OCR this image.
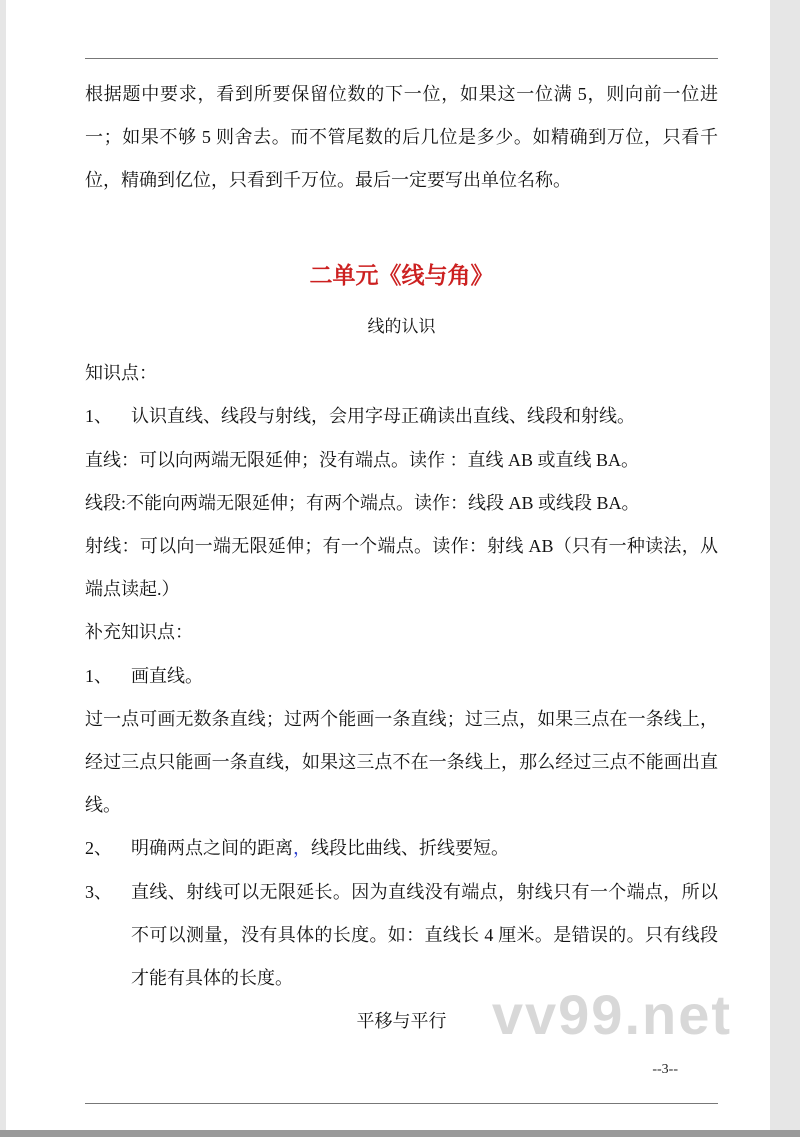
根据题中要求，看到所要保留位数的下一位，如果这一位满 5，则向前一位进一；如果不够 5 则舍去。而不管尾数的后几位是多少。如精确到万位，只看千位，精确到亿位，只看到千万位。最后一定要写出单位名称。

二单元《线与角》
线的认识

知识点：

1、	认识直线、线段与射线，会用字母正确读出直线、线段和射线。

直线：可以向两端无限延伸；没有端点。读作 ：直线 AB 或直线 BA。

线段:不能向两端无限延伸；有两个端点。读作：线段 AB 或线段 BA。

射线：可以向一端无限延伸；有一个端点。读作：射线 AB（只有一种读法，从端点读起.）

补充知识点：

1、	画直线。

过一点可画无数条直线；过两个能画一条直线；过三点，如果三点在一条线上，经过三点只能画一条直线，如果这三点不在一条线上，那么经过三点不能画出直线。

2、	明确两点之间的距离，线段比曲线、折线要短。
3、	直线、射线可以无限延长。因为直线没有端点，射线只有一个端点，所以不可以测量，没有具体的长度。如：直线长 4 厘米。是错误的。只有线段才能有具体的长度。

平移与平行 vv99.net
--3--
